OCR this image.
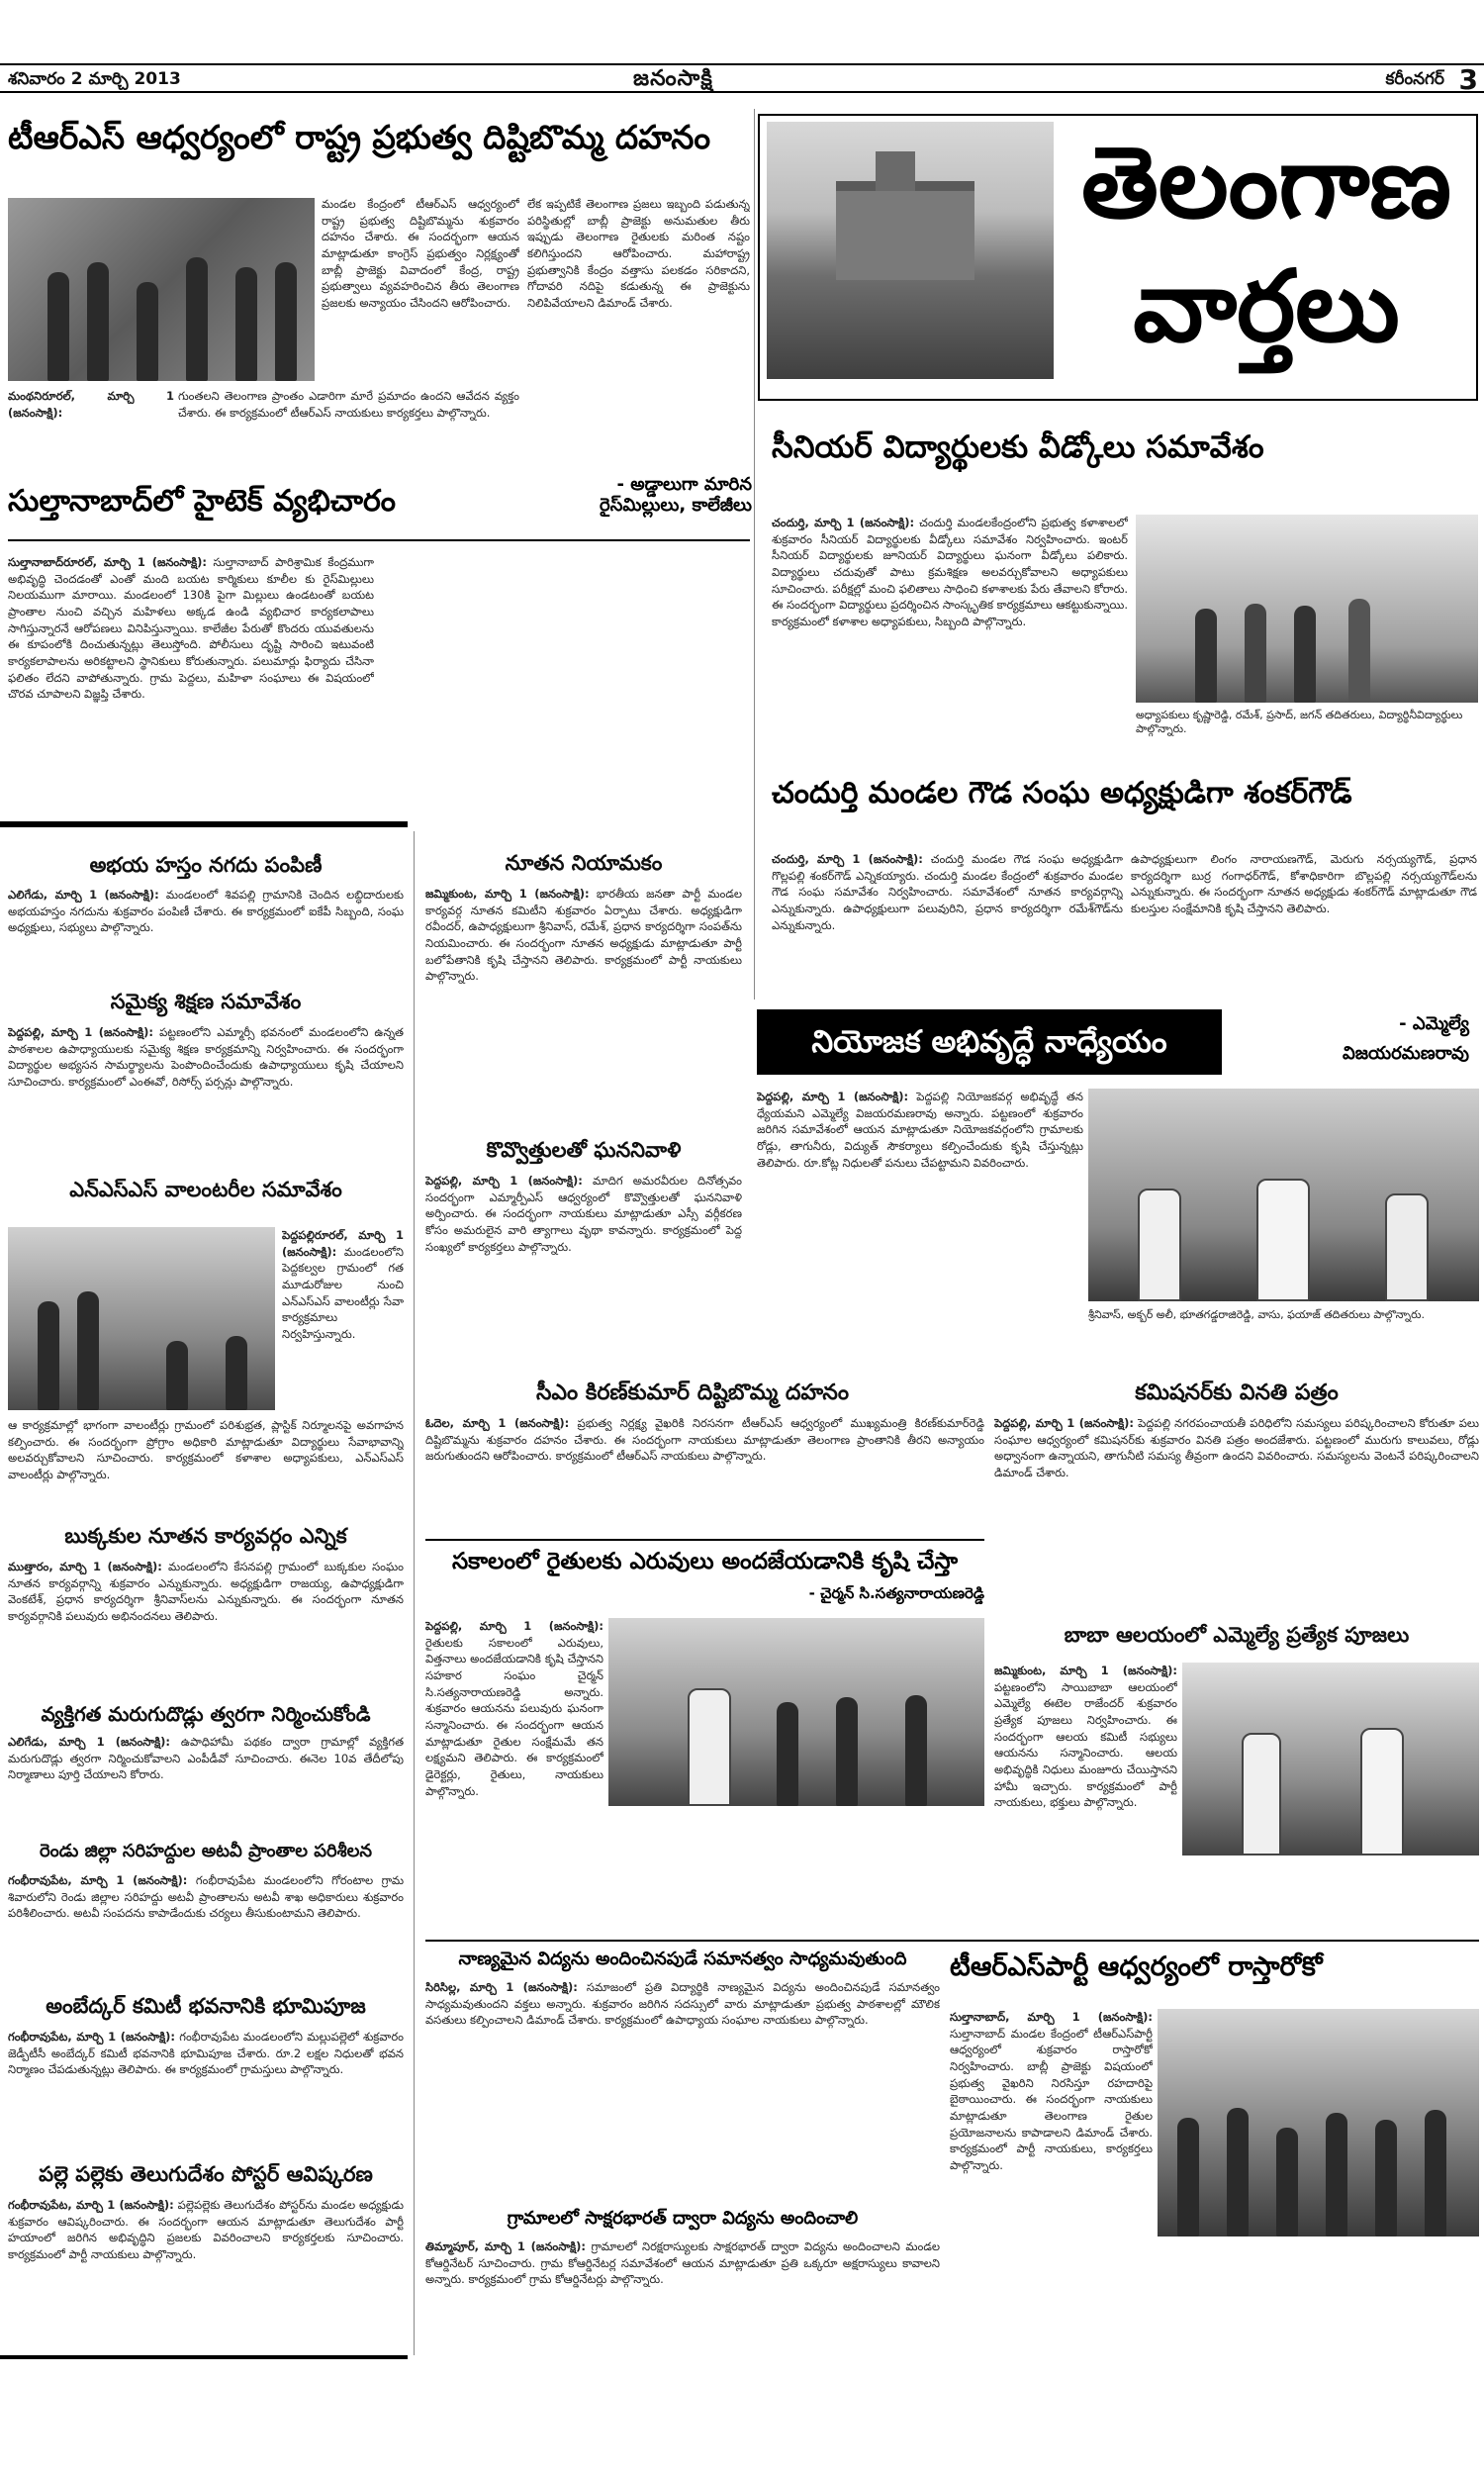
శనివారం 2 మార్చి 2013	జనంసాక్షి	కరీంనగర్ 3
టీఆర్ఎస్ ఆధ్వర్యంలో రాష్ట్ర ప్రభుత్వ దిష్టిబొమ్మ దహనం
మండల కేంద్రంలో టీఆర్ఎస్ ఆధ్వర్యంలో రాష్ట్ర ప్రభుత్వ దిష్టిబొమ్మను శుక్రవారం దహనం చేశారు. ఈ సందర్భంగా ఆయన మాట్లాడుతూ కాంగ్రెస్ ప్రభుత్వం నిర్లక్ష్యంతో బాబ్లీ ప్రాజెక్టు వివాదంలో కేంద్ర, రాష్ట్ర ప్రభుత్వాలు వ్యవహరించిన తీరు తెలంగాణ ప్రజలకు అన్యాయం చేసిందని ఆరోపించారు.
లేక ఇప్పటికే తెలంగాణ ప్రజలు ఇబ్బంది పడుతున్న పరిస్థితుల్లో బాబ్లీ ప్రాజెక్టు అనుమతుల తీరు ఇప్పుడు తెలంగాణ రైతులకు మరింత నష్టం కలిగిస్తుందని ఆరోపించారు. మహారాష్ట్ర ప్రభుత్వానికి కేంద్రం వత్తాసు పలకడం సరికాదని, గోదావరి నదిపై కడుతున్న ఈ ప్రాజెక్టును నిలిపివేయాలని డిమాండ్ చేశారు.
మంథనిరూరల్, మార్చి 1 (జనంసాక్షి):
గుంతలని తెలంగాణ ప్రాంతం ఎడారిగా మారే ప్రమాదం ఉందని ఆవేదన వ్యక్తం చేశారు. ఈ కార్యక్రమంలో టీఆర్ఎస్ నాయకులు కార్యకర్తలు పాల్గొన్నారు.
తెలంగాణ
వార్తలు
సుల్తానాబాద్‌లో హైటెక్ వ్యభిచారం	- అడ్డాలుగా మారిన రైస్‌మిల్లులు, కాలేజీలు
సుల్తానాబాద్‌రూరల్, మార్చి 1 (జనంసాక్షి): సుల్తానాబాద్ పారిశ్రామిక కేంద్రముగా అభివృద్ధి చెందడంతో ఎంతో మంది బయట కార్మికులు కూలీల కు రైస్‌మిల్లులు నిలయముగా మారాయి. మండలంలో 130కి పైగా మిల్లులు ఉండటంతో బయట ప్రాంతాల నుంచి వచ్చిన మహిళలు అక్కడ ఉండి వ్యభిచార కార్యకలాపాలు సాగిస్తున్నారనే ఆరోపణలు వినిపిస్తున్నాయి. కాలేజీల పేరుతో కొందరు యువతులను ఈ కూపంలోకి దించుతున్నట్లు తెలుస్తోంది. పోలీసులు దృష్టి సారించి ఇటువంటి కార్యకలాపాలను అరికట్టాలని స్థానికులు కోరుతున్నారు. పలుమార్లు ఫిర్యాదు చేసినా ఫలితం లేదని వాపోతున్నారు. గ్రామ పెద్దలు, మహిళా సంఘాలు ఈ విషయంలో చొరవ చూపాలని విజ్ఞప్తి చేశారు.
సీనియర్ విద్యార్థులకు వీడ్కోలు సమావేశం
చందుర్తి, మార్చి 1 (జనంసాక్షి): చందుర్తి మండలకేంద్రంలోని ప్రభుత్వ కళాశాలలో శుక్రవారం సీనియర్ విద్యార్థులకు వీడ్కోలు సమావేశం నిర్వహించారు. ఇంటర్ సీనియర్ విద్యార్థులకు జూనియర్ విద్యార్థులు ఘనంగా వీడ్కోలు పలికారు. విద్యార్థులు చదువుతో పాటు క్రమశిక్షణ అలవర్చుకోవాలని అధ్యాపకులు సూచించారు. పరీక్షల్లో మంచి ఫలితాలు సాధించి కళాశాలకు పేరు తేవాలని కోరారు. ఈ సందర్భంగా విద్యార్థులు ప్రదర్శించిన సాంస్కృతిక కార్యక్రమాలు ఆకట్టుకున్నాయి. కార్యక్రమంలో కళాశాల అధ్యాపకులు, సిబ్బంది పాల్గొన్నారు.
అధ్యాపకులు కృష్ణారెడ్డి, రమేశ్, ప్రసాద్, జగన్ తదితరులు, విద్యార్థినీవిద్యార్థులు పాల్గొన్నారు.
చందుర్తి మండల గౌడ సంఘ అధ్యక్షుడిగా శంకర్‌గౌడ్
చందుర్తి, మార్చి 1 (జనంసాక్షి): చందుర్తి మండల గౌడ సంఘ అధ్యక్షుడిగా గొల్లపల్లి శంకర్‌గౌడ్ ఎన్నికయ్యారు. చందుర్తి మండల కేంద్రంలో శుక్రవారం మండల గౌడ సంఘ సమావేశం నిర్వహించారు. సమావేశంలో నూతన కార్యవర్గాన్ని ఎన్నుకున్నారు. ఉపాధ్యక్షులుగా పలువురిని, ప్రధాన కార్యదర్శిగా రమేశ్‌గౌడ్‌ను ఎన్నుకున్నారు.
ఉపాధ్యక్షులుగా లింగం నారాయణగౌడ్, మెరుగు నర్సయ్యగౌడ్, ప్రధాన కార్యదర్శిగా బుర్ర గంగాధర్‌గౌడ్, కోశాధికారిగా బొల్లపల్లి నర్సయ్యగౌడ్‌లను ఎన్నుకున్నారు. ఈ సందర్భంగా నూతన అధ్యక్షుడు శంకర్‌గౌడ్ మాట్లాడుతూ గౌడ కులస్తుల సంక్షేమానికి కృషి చేస్తానని తెలిపారు.
అభయ హస్తం నగదు పంపిణీ
ఎలిగేడు, మార్చి 1 (జనంసాక్షి): మండలంలో శివపల్లి గ్రామానికి చెందిన లబ్ధిదారులకు అభయహస్తం నగదును శుక్రవారం పంపిణీ చేశారు. ఈ కార్యక్రమంలో ఐకేపీ సిబ్బంది, సంఘ అధ్యక్షులు, సభ్యులు పాల్గొన్నారు.
సమైక్య శిక్షణ సమావేశం
పెద్దపల్లి, మార్చి 1 (జనంసాక్షి): పట్టణంలోని ఎమ్మార్సీ భవనంలో మండలంలోని ఉన్నత పాఠశాలల ఉపాధ్యాయులకు సమైక్య శిక్షణ కార్యక్రమాన్ని నిర్వహించారు. ఈ సందర్భంగా విద్యార్థుల అభ్యసన సామర్థ్యాలను పెంపొందించేందుకు ఉపాధ్యాయులు కృషి చేయాలని సూచించారు. కార్యక్రమంలో ఎంఈవో, రిసోర్స్ పర్సన్లు పాల్గొన్నారు.
ఎన్ఎస్ఎస్ వాలంటరీల సమావేశం
పెద్దపల్లిరూరల్, మార్చి 1 (జనంసాక్షి): మండలంలోని పెద్దకల్వల గ్రామంలో గత మూడురోజుల నుంచి ఎన్ఎస్ఎస్ వాలంటీర్లు సేవా కార్యక్రమాలు నిర్వహిస్తున్నారు.
ఆ కార్యక్రమాల్లో భాగంగా వాలంటీర్లు గ్రామంలో పరిశుభ్రత, ప్లాస్టిక్ నిర్మూలనపై అవగాహన కల్పించారు. ఈ సందర్భంగా ప్రోగ్రాం అధికారి మాట్లాడుతూ విద్యార్థులు సేవాభావాన్ని అలవర్చుకోవాలని సూచించారు. కార్యక్రమంలో కళాశాల అధ్యాపకులు, ఎన్ఎస్ఎస్ వాలంటీర్లు పాల్గొన్నారు.
బుక్కకుల నూతన కార్యవర్గం ఎన్నిక
ముత్తారం, మార్చి 1 (జనంసాక్షి): మండలంలోని కేసనపల్లి గ్రామంలో బుక్కకుల సంఘం నూతన కార్యవర్గాన్ని శుక్రవారం ఎన్నుకున్నారు. అధ్యక్షుడిగా రాజయ్య, ఉపాధ్యక్షుడిగా వెంకటేశ్, ప్రధాన కార్యదర్శిగా శ్రీనివాస్‌లను ఎన్నుకున్నారు. ఈ సందర్భంగా నూతన కార్యవర్గానికి పలువురు అభినందనలు తెలిపారు.
వ్యక్తిగత మరుగుదొడ్లు త్వరగా నిర్మించుకోండి
ఎలిగేడు, మార్చి 1 (జనంసాక్షి): ఉపాధిహామీ పథకం ద్వారా గ్రామాల్లో వ్యక్తిగత మరుగుదొడ్లు త్వరగా నిర్మించుకోవాలని ఎంపీడీవో సూచించారు. ఈనెల 10వ తేదీలోపు నిర్మాణాలు పూర్తి చేయాలని కోరారు.
రెండు జిల్లా సరిహద్దుల అటవీ ప్రాంతాల పరిశీలన
గంభీరావుపేట, మార్చి 1 (జనంసాక్షి): గంభీరావుపేట మండలంలోని గోరంటాల గ్రామ శివారులోని రెండు జిల్లాల సరిహద్దు అటవీ ప్రాంతాలను అటవీ శాఖ అధికారులు శుక్రవారం పరిశీలించారు. అటవీ సంపదను కాపాడేందుకు చర్యలు తీసుకుంటామని తెలిపారు.
అంబేద్కర్ కమిటీ భవనానికి భూమిపూజ
గంభీరావుపేట, మార్చి 1 (జనంసాక్షి): గంభీరావుపేట మండలంలోని మల్లుపల్లెలో శుక్రవారం జెడ్పీటీసీ అంబేద్కర్ కమిటీ భవనానికి భూమిపూజ చేశారు. రూ.2 లక్షల నిధులతో భవన నిర్మాణం చేపడుతున్నట్లు తెలిపారు. ఈ కార్యక్రమంలో గ్రామస్తులు పాల్గొన్నారు.
పల్లె పల్లెకు తెలుగుదేశం పోస్టర్ ఆవిష్కరణ
గంభీరావుపేట, మార్చి 1 (జనంసాక్షి): పల్లెపల్లెకు తెలుగుదేశం పోస్టర్‌ను మండల అధ్యక్షుడు శుక్రవారం ఆవిష్కరించారు. ఈ సందర్భంగా ఆయన మాట్లాడుతూ తెలుగుదేశం పార్టీ హయాంలో జరిగిన అభివృద్ధిని ప్రజలకు వివరించాలని కార్యకర్తలకు సూచించారు. కార్యక్రమంలో పార్టీ నాయకులు పాల్గొన్నారు.
నూతన నియామకం
జమ్మికుంట, మార్చి 1 (జనంసాక్షి): భారతీయ జనతా పార్టీ మండల కార్యవర్గ నూతన కమిటీని శుక్రవారం ఏర్పాటు చేశారు. అధ్యక్షుడిగా రవీందర్, ఉపాధ్యక్షులుగా శ్రీనివాస్, రమేశ్, ప్రధాన కార్యదర్శిగా సంపత్‌ను నియమించారు. ఈ సందర్భంగా నూతన అధ్యక్షుడు మాట్లాడుతూ పార్టీ బలోపేతానికి కృషి చేస్తానని తెలిపారు. కార్యక్రమంలో పార్టీ నాయకులు పాల్గొన్నారు.
కొవ్వొత్తులతో ఘననివాళి
పెద్దపల్లి, మార్చి 1 (జనంసాక్షి): మాదిగ అమరవీరుల దినోత్సవం సందర్భంగా ఎమ్మార్పీఎస్ ఆధ్వర్యంలో కొవ్వొత్తులతో ఘననివాళి అర్పించారు. ఈ సందర్భంగా నాయకులు మాట్లాడుతూ ఎస్సీ వర్గీకరణ కోసం అమరులైన వారి త్యాగాలు వృథా కావన్నారు. కార్యక్రమంలో పెద్ద సంఖ్యలో కార్యకర్తలు పాల్గొన్నారు.
నియోజక అభివృద్ధే నాధ్యేయం
- ఎమ్మెల్యే
విజయరమణరావు
పెద్దపల్లి, మార్చి 1 (జనంసాక్షి): పెద్దపల్లి నియోజకవర్గ అభివృద్ధే తన ధ్యేయమని ఎమ్మెల్యే విజయరమణరావు అన్నారు. పట్టణంలో శుక్రవారం జరిగిన సమావేశంలో ఆయన మాట్లాడుతూ నియోజకవర్గంలోని గ్రామాలకు రోడ్లు, తాగునీరు, విద్యుత్ సౌకర్యాలు కల్పించేందుకు కృషి చేస్తున్నట్లు తెలిపారు. రూ.కోట్ల నిధులతో పనులు చేపట్టామని వివరించారు.
శ్రీనివాస్, అక్బర్ అలీ, భూతగడ్డరాజిరెడ్డి, వాసు, ఫయాజ్ తదితరులు పాల్గొన్నారు.
సీఎం కిరణ్‌కుమార్ దిష్టిబొమ్మ దహనం
ఓదెల, మార్చి 1 (జనంసాక్షి): ప్రభుత్వ నిర్లక్ష్య వైఖరికి నిరసనగా టీఆర్ఎస్ ఆధ్వర్యంలో ముఖ్యమంత్రి కిరణ్‌కుమార్‌రెడ్డి దిష్టిబొమ్మను శుక్రవారం దహనం చేశారు. ఈ సందర్భంగా నాయకులు మాట్లాడుతూ తెలంగాణ ప్రాంతానికి తీరని అన్యాయం జరుగుతుందని ఆరోపించారు. కార్యక్రమంలో టీఆర్ఎస్ నాయకులు పాల్గొన్నారు.
కమిషనర్‌కు వినతి పత్రం
పెద్దపల్లి, మార్చి 1 (జనంసాక్షి): పెద్దపల్లి నగరపంచాయతీ పరిధిలోని సమస్యలు పరిష్కరించాలని కోరుతూ పలు సంఘాల ఆధ్వర్యంలో కమిషనర్‌కు శుక్రవారం వినతి పత్రం అందజేశారు. పట్టణంలో మురుగు కాలువలు, రోడ్లు అధ్వానంగా ఉన్నాయని, తాగునీటి సమస్య తీవ్రంగా ఉందని వివరించారు. సమస్యలను వెంటనే పరిష్కరించాలని డిమాండ్ చేశారు.
సకాలంలో రైతులకు ఎరువులు అందజేయడానికి కృషి చేస్తా
- చైర్మన్ సి.సత్యనారాయణరెడ్డి
పెద్దపల్లి, మార్చి 1 (జనంసాక్షి): రైతులకు సకాలంలో ఎరువులు, విత్తనాలు అందజేయడానికి కృషి చేస్తానని సహకార సంఘం చైర్మన్ సి.సత్యనారాయణరెడ్డి అన్నారు. శుక్రవారం ఆయనను పలువురు ఘనంగా సన్మానించారు. ఈ సందర్భంగా ఆయన మాట్లాడుతూ రైతుల సంక్షేమమే తన లక్ష్యమని తెలిపారు. ఈ కార్యక్రమంలో డైరెక్టర్లు, రైతులు, నాయకులు పాల్గొన్నారు.
బాబా ఆలయంలో ఎమ్మెల్యే ప్రత్యేక పూజలు
జమ్మికుంట, మార్చి 1 (జనంసాక్షి): పట్టణంలోని సాయిబాబా ఆలయంలో ఎమ్మెల్యే ఈటెల రాజేందర్ శుక్రవారం ప్రత్యేక పూజలు నిర్వహించారు. ఈ సందర్భంగా ఆలయ కమిటీ సభ్యులు ఆయనను సన్మానించారు. ఆలయ అభివృద్ధికి నిధులు మంజూరు చేయిస్తానని హామీ ఇచ్చారు. కార్యక్రమంలో పార్టీ నాయకులు, భక్తులు పాల్గొన్నారు.
నాణ్యమైన విద్యను అందించినపుడే సమానత్వం సాధ్యమవుతుంది
సిరిసిల్ల, మార్చి 1 (జనంసాక్షి): సమాజంలో ప్రతి విద్యార్థికి నాణ్యమైన విద్యను అందించినపుడే సమానత్వం సాధ్యమవుతుందని వక్తలు అన్నారు. శుక్రవారం జరిగిన సదస్సులో వారు మాట్లాడుతూ ప్రభుత్వ పాఠశాలల్లో మౌలిక వసతులు కల్పించాలని డిమాండ్ చేశారు. కార్యక్రమంలో ఉపాధ్యాయ సంఘాల నాయకులు పాల్గొన్నారు.
గ్రామాలలో సాక్షరభారత్ ద్వారా విద్యను అందించాలి
తిమ్మాపూర్, మార్చి 1 (జనంసాక్షి): గ్రామాలలో నిరక్షరాస్యులకు సాక్షరభారత్ ద్వారా విద్యను అందించాలని మండల కోఆర్డినేటర్ సూచించారు. గ్రామ కోఆర్డినేటర్ల సమావేశంలో ఆయన మాట్లాడుతూ ప్రతి ఒక్కరూ అక్షరాస్యులు కావాలని అన్నారు. కార్యక్రమంలో గ్రామ కోఆర్డినేటర్లు పాల్గొన్నారు.
టీఆర్ఎస్‌పార్టీ ఆధ్వర్యంలో రాస్తారోకో
సుల్తానాబాద్, మార్చి 1 (జనంసాక్షి): సుల్తానాబాద్ మండల కేంద్రంలో టీఆర్ఎస్‌పార్టీ ఆధ్వర్యంలో శుక్రవారం రాస్తారోకో నిర్వహించారు. బాబ్లీ ప్రాజెక్టు విషయంలో ప్రభుత్వ వైఖరిని నిరసిస్తూ రహదారిపై బైఠాయించారు. ఈ సందర్భంగా నాయకులు మాట్లాడుతూ తెలంగాణ రైతుల ప్రయోజనాలను కాపాడాలని డిమాండ్ చేశారు. కార్యక్రమంలో పార్టీ నాయకులు, కార్యకర్తలు పాల్గొన్నారు.
